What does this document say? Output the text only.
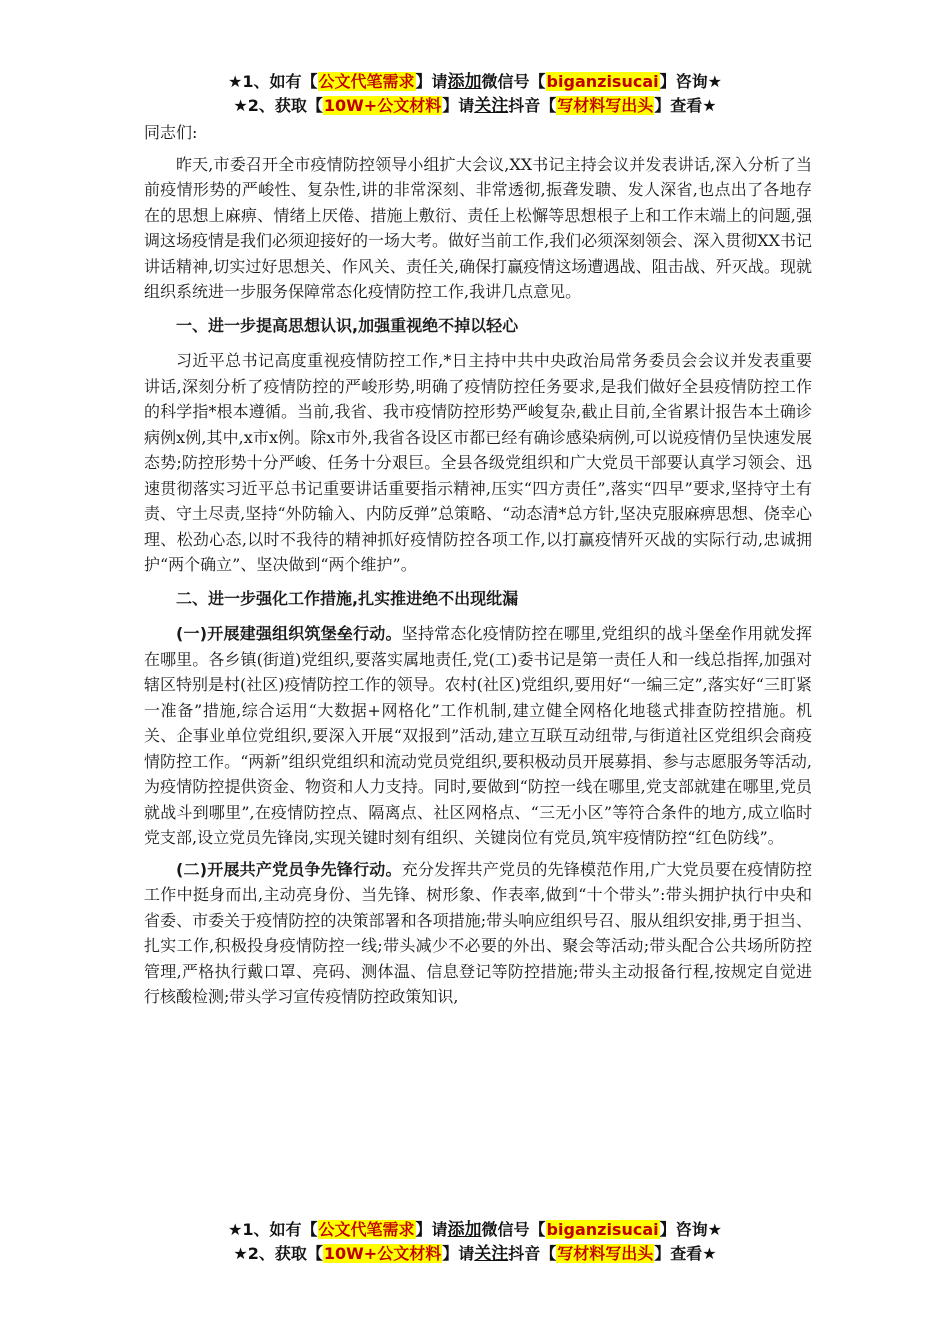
★1、如有【公文代笔需求】请添加微信号【biganzisucai】咨询★
★2、获取【10W+公文材料】请关注抖音【写材料写出头】查看★

同志们:

昨天,市委召开全市疫情防控领导小组扩大会议,XX书记主持会议并发表讲话,深入分析了当前疫情形势的严峻性、复杂性,讲的非常深刻、非常透彻,振聋发聩、发人深省,也点出了各地存在的思想上麻痹、情绪上厌倦、措施上敷衍、责任上松懈等思想根子上和工作末端上的问题,强调这场疫情是我们必须迎接好的一场大考。做好当前工作,我们必须深刻领会、深入贯彻XX书记讲话精神,切实过好思想关、作风关、责任关,确保打赢疫情这场遭遇战、阻击战、歼灭战。现就组织系统进一步服务保障常态化疫情防控工作,我讲几点意见。

一、进一步提高思想认识,加强重视绝不掉以轻心

习近平总书记高度重视疫情防控工作,*日主持中共中央政治局常务委员会会议并发表重要讲话,深刻分析了疫情防控的严峻形势,明确了疫情防控任务要求,是我们做好全县疫情防控工作的科学指*根本遵循。当前,我省、我市疫情防控形势严峻复杂,截止目前,全省累计报告本土确诊病例x例,其中,x市x例。除x市外,我省各设区市都已经有确诊感染病例,可以说疫情仍呈快速发展态势;防控形势十分严峻、任务十分艰巨。全县各级党组织和广大党员干部要认真学习领会、迅速贯彻落实习近平总书记重要讲话重要指示精神,压实“四方责任”,落实“四早”要求,坚持守土有责、守土尽责,坚持“外防输入、内防反弹”总策略、“动态清*总方针,坚决克服麻痹思想、侥幸心理、松劲心态,以时不我待的精神抓好疫情防控各项工作,以打赢疫情歼灭战的实际行动,忠诚拥护“两个确立”、坚决做到“两个维护”。

二、进一步强化工作措施,扎实推进绝不出现纰漏

(一)开展建强组织筑堡垒行动。坚持常态化疫情防控在哪里,党组织的战斗堡垒作用就发挥在哪里。各乡镇(街道)党组织,要落实属地责任,党(工)委书记是第一责任人和一线总指挥,加强对辖区特别是村(社区)疫情防控工作的领导。农村(社区)党组织,要用好“一编三定”,落实好“三盯紧一准备”措施,综合运用“大数据+网格化”工作机制,建立健全网格化地毯式排查防控措施。机关、企事业单位党组织,要深入开展“双报到”活动,建立互联互动纽带,与街道社区党组织会商疫情防控工作。“两新”组织党组织和流动党员党组织,要积极动员开展募捐、参与志愿服务等活动,为疫情防控提供资金、物资和人力支持。同时,要做到“防控一线在哪里,党支部就建在哪里,党员就战斗到哪里”,在疫情防控点、隔离点、社区网格点、“三无小区”等符合条件的地方,成立临时党支部,设立党员先锋岗,实现关键时刻有组织、关键岗位有党员,筑牢疫情防控“红色防线”。

(二)开展共产党员争先锋行动。充分发挥共产党员的先锋模范作用,广大党员要在疫情防控工作中挺身而出,主动亮身份、当先锋、树形象、作表率,做到“十个带头”:带头拥护执行中央和省委、市委关于疫情防控的决策部署和各项措施;带头响应组织号召、服从组织安排,勇于担当、扎实工作,积极投身疫情防控一线;带头减少不必要的外出、聚会等活动;带头配合公共场所防控管理,严格执行戴口罩、亮码、测体温、信息登记等防控措施;带头主动报备行程,按规定自觉进行核酸检测;带头学习宣传疫情防控政策知识,

★1、如有【公文代笔需求】请添加微信号【biganzisucai】咨询★
★2、获取【10W+公文材料】请关注抖音【写材料写出头】查看★
